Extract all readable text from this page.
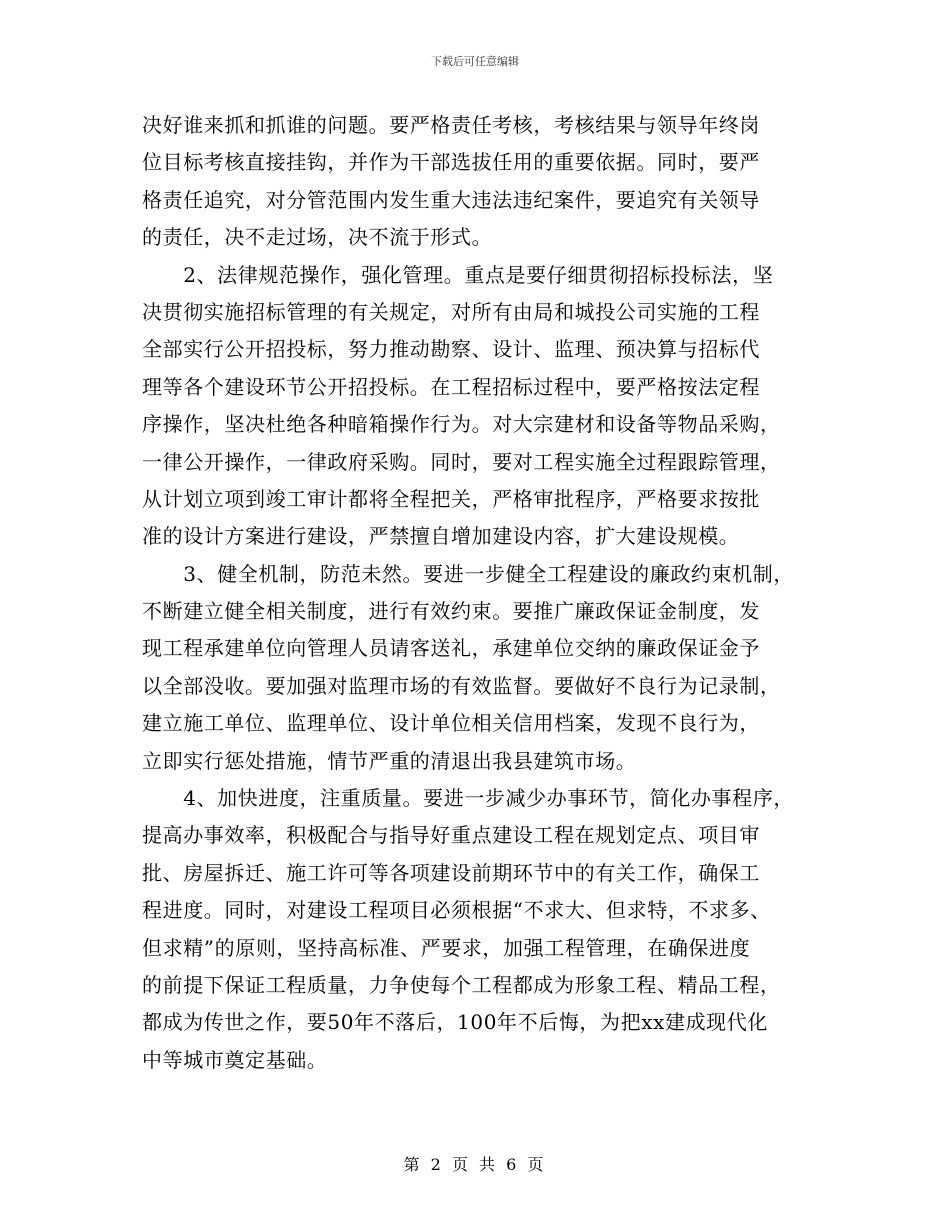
下载后可任意编辑
决好谁来抓和抓谁的问题。要严格责任考核，考核结果与领导年终岗
位目标考核直接挂钩，并作为干部选拔任用的重要依据。同时，要严
格责任追究，对分管范围内发生重大违法违纪案件，要追究有关领导
的责任，决不走过场，决不流于形式。
　　2、法律规范操作，强化管理。重点是要仔细贯彻招标投标法，坚
决贯彻实施招标管理的有关规定，对所有由局和城投公司实施的工程
全部实行公开招投标，努力推动勘察、设计、监理、预决算与招标代
理等各个建设环节公开招投标。在工程招标过程中，要严格按法定程
序操作，坚决杜绝各种暗箱操作行为。对大宗建材和设备等物品采购，
一律公开操作，一律政府采购。同时，要对工程实施全过程跟踪管理，
从计划立项到竣工审计都将全程把关，严格审批程序，严格要求按批
准的设计方案进行建设，严禁擅自增加建设内容，扩大建设规模。
　　3、健全机制，防范未然。要进一步健全工程建设的廉政约束机制，
不断建立健全相关制度，进行有效约束。要推广廉政保证金制度，发
现工程承建单位向管理人员请客送礼，承建单位交纳的廉政保证金予
以全部没收。要加强对监理市场的有效监督。要做好不良行为记录制，
建立施工单位、监理单位、设计单位相关信用档案，发现不良行为，
立即实行惩处措施，情节严重的清退出我县建筑市场。
　　4、加快进度，注重质量。要进一步减少办事环节，简化办事程序，
提高办事效率，积极配合与指导好重点建设工程在规划定点、项目审
批、房屋拆迁、施工许可等各项建设前期环节中的有关工作，确保工
程进度。同时，对建设工程项目必须根据“不求大、但求特，不求多、
但求精”的原则，坚持高标准、严要求，加强工程管理，在确保进度
的前提下保证工程质量，力争使每个工程都成为形象工程、精品工程，
都成为传世之作，要50年不落后，100年不后悔，为把xx建成现代化
中等城市奠定基础。
第 2 页 共 6 页
